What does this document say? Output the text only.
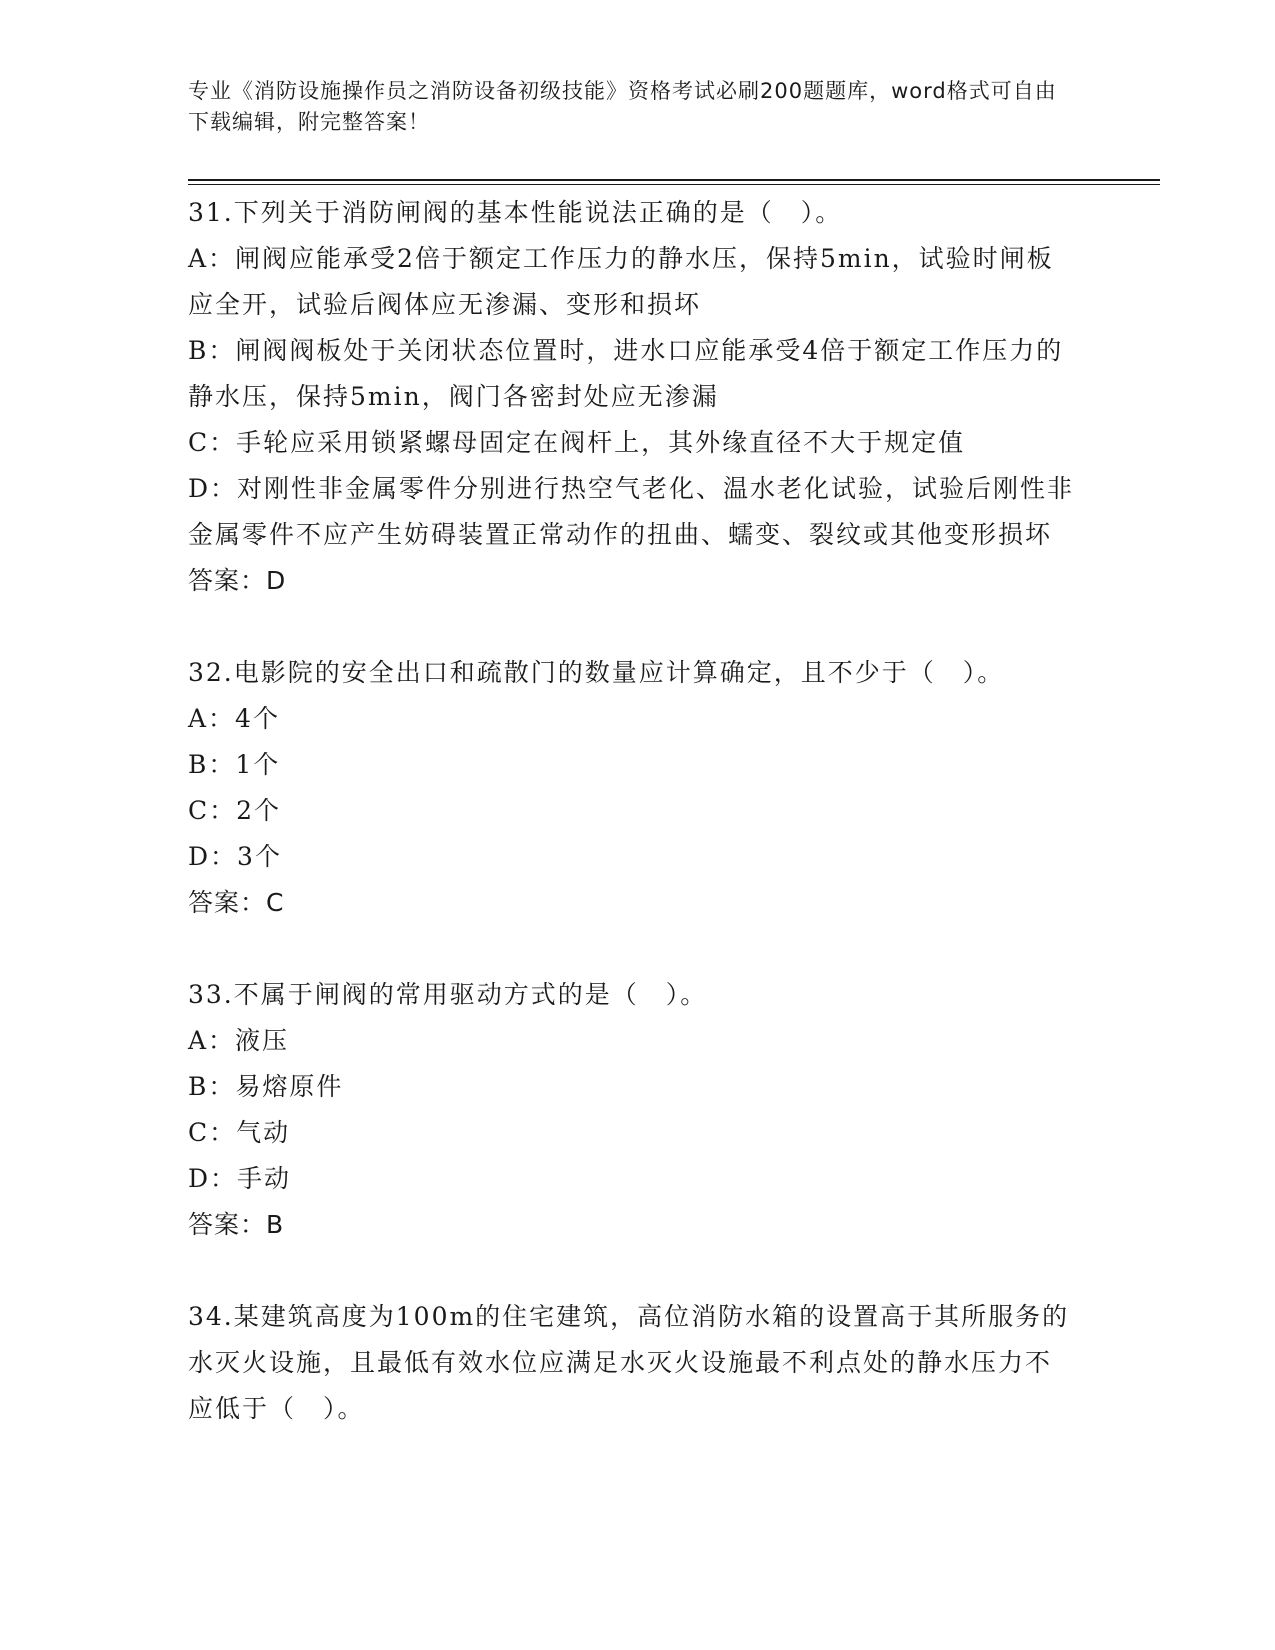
专业《消防设施操作员之消防设备初级技能》资格考试必刷200题题库，word格式可自由下载编辑，附完整答案！
31.下列关于消防闸阀的基本性能说法正确的是（　）。
A：闸阀应能承受2倍于额定工作压力的静水压，保持5min，试验时闸板应全开，试验后阀体应无渗漏、变形和损坏
B：闸阀阀板处于关闭状态位置时，进水口应能承受4倍于额定工作压力的静水压，保持5min，阀门各密封处应无渗漏
C：手轮应采用锁紧螺母固定在阀杆上，其外缘直径不大于规定值
D：对刚性非金属零件分别进行热空气老化、温水老化试验，试验后刚性非金属零件不应产生妨碍装置正常动作的扭曲、蠕变、裂纹或其他变形损坏
答案：D
32.电影院的安全出口和疏散门的数量应计算确定，且不少于（　）。
A：4个
B：1个
C：2个
D：3个
答案：C
33.不属于闸阀的常用驱动方式的是（　）。
A：液压
B：易熔原件
C：气动
D：手动
答案：B
34.某建筑高度为100m的住宅建筑，高位消防水箱的设置高于其所服务的水灭火设施，且最低有效水位应满足水灭火设施最不利点处的静水压力不应低于（　）。
